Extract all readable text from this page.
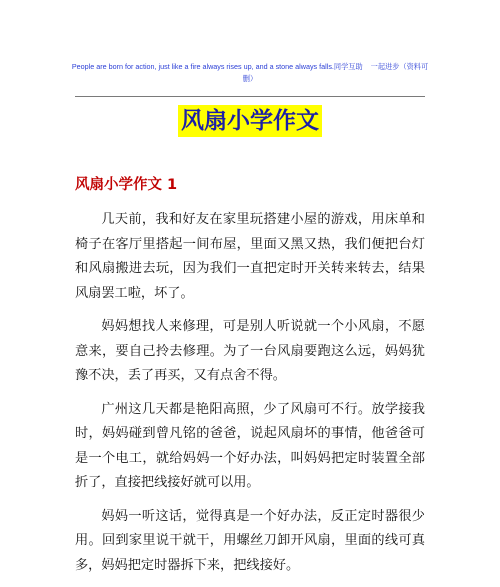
People are born for action, just like a fire always rises up, and a stone always falls.同学互助    一起进步（资料可删）
风扇小学作文
风扇小学作文 1

几天前，我和好友在家里玩搭建小屋的游戏，用床单和椅子在客厅里搭起一间布屋，里面又黑又热，我们便把台灯和风扇搬进去玩，因为我们一直把定时开关转来转去，结果风扇罢工啦，坏了。

妈妈想找人来修理，可是别人听说就一个小风扇，不愿意来，要自己拎去修理。为了一台风扇要跑这么远，妈妈犹豫不决，丢了再买，又有点舍不得。

广州这几天都是艳阳高照，少了风扇可不行。放学接我时，妈妈碰到曾凡铭的爸爸，说起风扇坏的事情，他爸爸可是一个电工，就给妈妈一个好办法，叫妈妈把定时装置全部折了，直接把线接好就可以用。

妈妈一听这话，觉得真是一个好办法，反正定时器很少用。回到家里说干就干，用螺丝刀卸开风扇，里面的线可真多，妈妈把定时器拆下来，把线接好。
